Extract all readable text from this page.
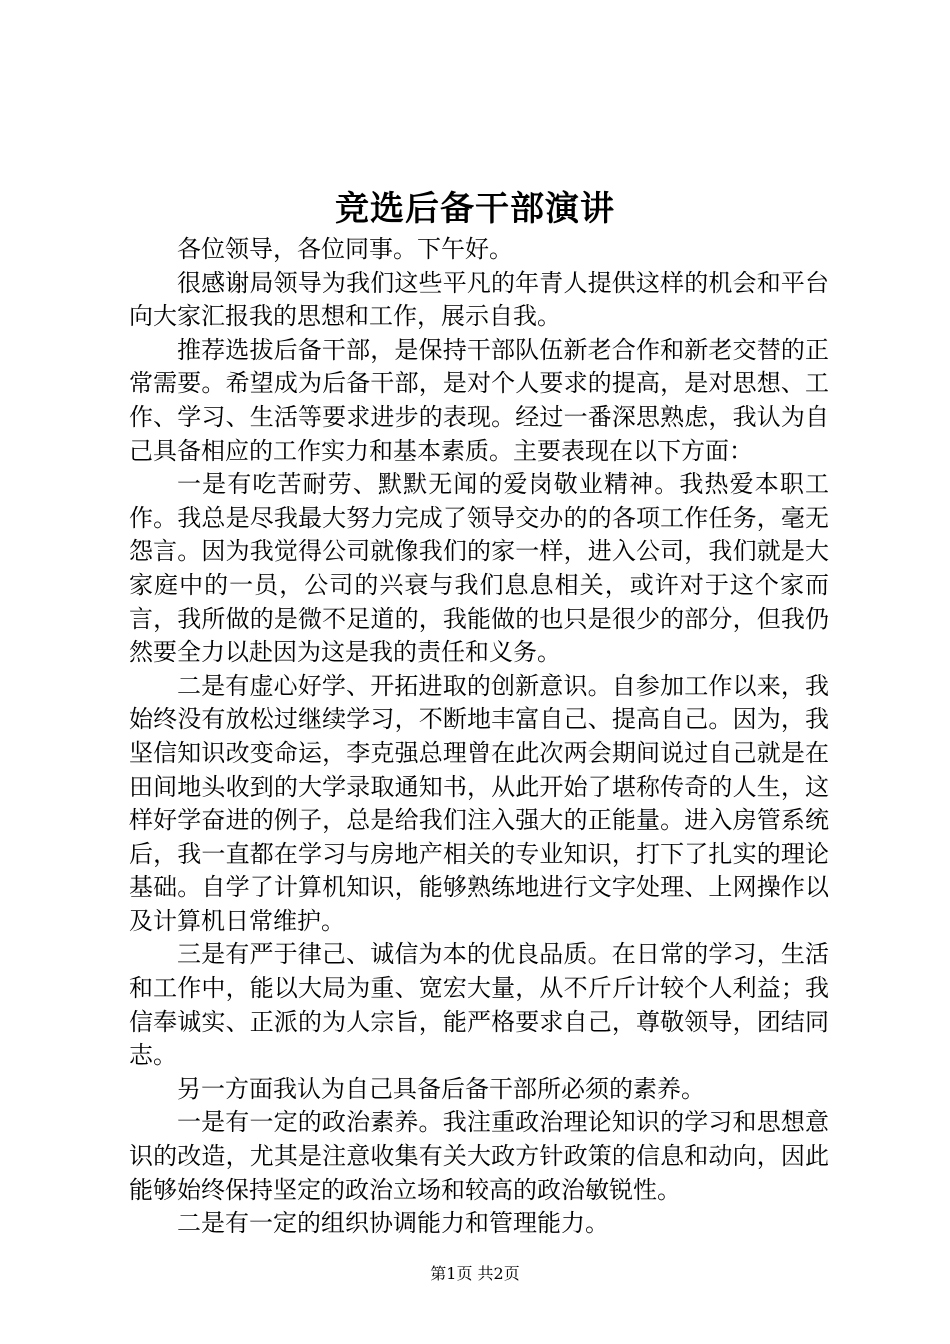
竞选后备干部演讲

各位领导，各位同事。下午好。

很感谢局领导为我们这些平凡的年青人提供这样的机会和平台向大家汇报我的思想和工作，展示自我。

推荐选拔后备干部，是保持干部队伍新老合作和新老交替的正常需要。希望成为后备干部，是对个人要求的提高，是对思想、工作、学习、生活等要求进步的表现。经过一番深思熟虑，我认为自己具备相应的工作实力和基本素质。主要表现在以下方面：

一是有吃苦耐劳、默默无闻的爱岗敬业精神。我热爱本职工作。我总是尽我最大努力完成了领导交办的的各项工作任务，毫无怨言。因为我觉得公司就像我们的家一样，进入公司，我们就是大家庭中的一员，公司的兴衰与我们息息相关，或许对于这个家而言，我所做的是微不足道的，我能做的也只是很少的部分，但我仍然要全力以赴因为这是我的责任和义务。

二是有虚心好学、开拓进取的创新意识。自参加工作以来，我始终没有放松过继续学习，不断地丰富自己、提高自己。因为，我坚信知识改变命运，李克强总理曾在此次两会期间说过自己就是在田间地头收到的大学录取通知书，从此开始了堪称传奇的人生，这样好学奋进的例子，总是给我们注入强大的正能量。进入房管系统后，我一直都在学习与房地产相关的专业知识，打下了扎实的理论基础。自学了计算机知识，能够熟练地进行文字处理、上网操作以及计算机日常维护。

三是有严于律己、诚信为本的优良品质。在日常的学习，生活和工作中，能以大局为重、宽宏大量，从不斤斤计较个人利益；我信奉诚实、正派的为人宗旨，能严格要求自己，尊敬领导，团结同志。

另一方面我认为自己具备后备干部所必须的素养。

一是有一定的政治素养。我注重政治理论知识的学习和思想意识的改造，尤其是注意收集有关大政方针政策的信息和动向，因此能够始终保持坚定的政治立场和较高的政治敏锐性。

二是有一定的组织协调能力和管理能力。

第1页 共2页
